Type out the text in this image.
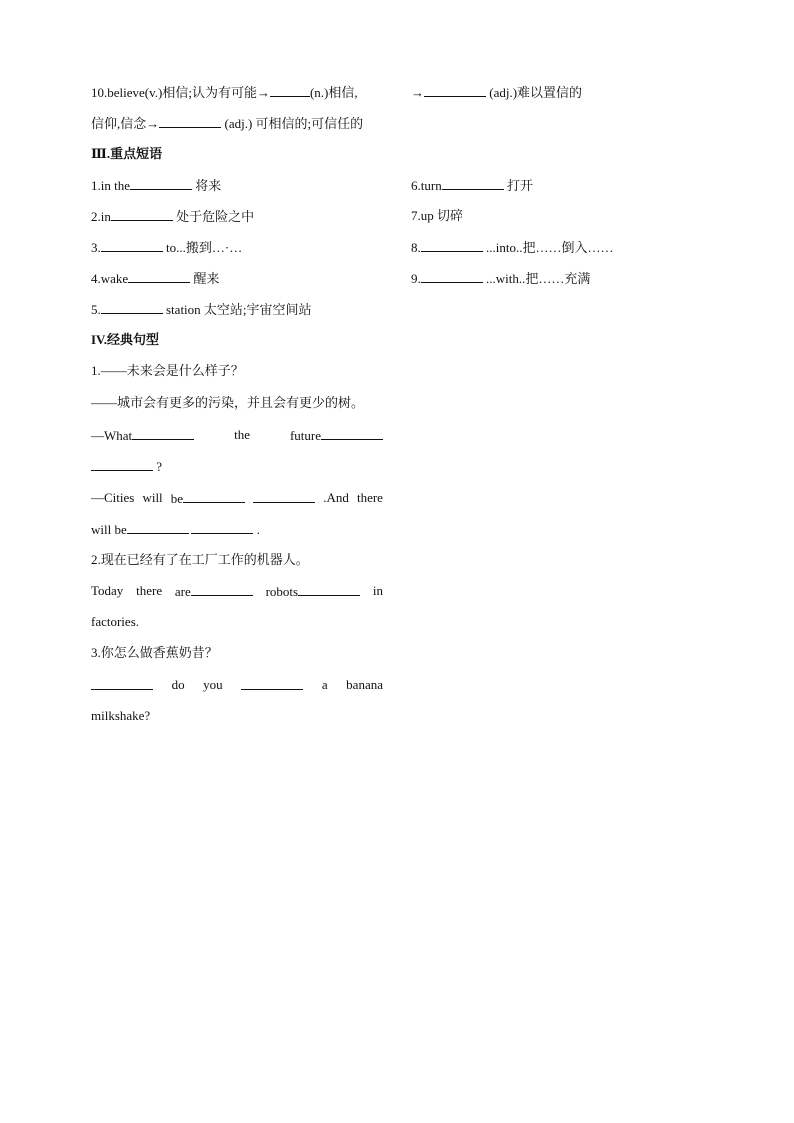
10.believe(v.)相信;认为有可能→	(n.)相信,	→	(adj.)难以置信的
信仰,信念→	(adj.) 可相信的;可信任的
Ⅲ.重点短语
1.in the	将来	6.turn	打开
2.in	处于危险之中	7.up 切碎
3.	to...搬到…·…	8.	...into..把……倒入……
4.wake	醒来	9.	...with..把……充满
5.	station 太空站;宇宙空间站
IV.经典句型
1.——未来会是什么样子？
——城市会有更多的污染，并且会有更少的树。
—What	the	future
?
—Cities will be	.And there
will be 	.
2.现在已经有了在工厂工作的机器人。
Today there are	robots	in
factories.
3.你怎么做香蕉奶昔？
do you	a banana
milkshake?
